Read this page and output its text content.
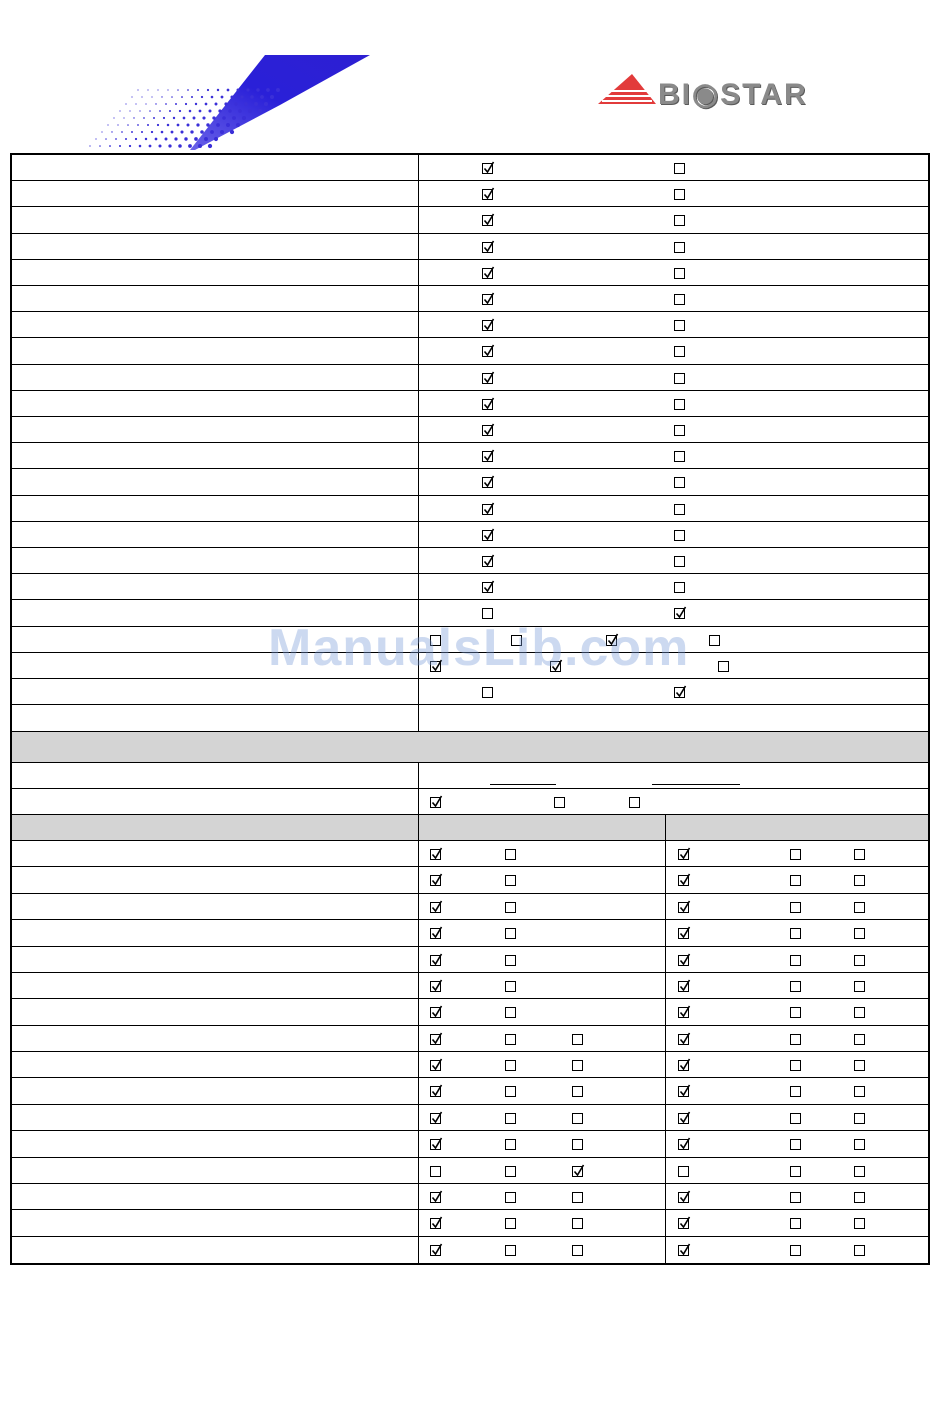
BI◉STAR
ManualsLib.com
